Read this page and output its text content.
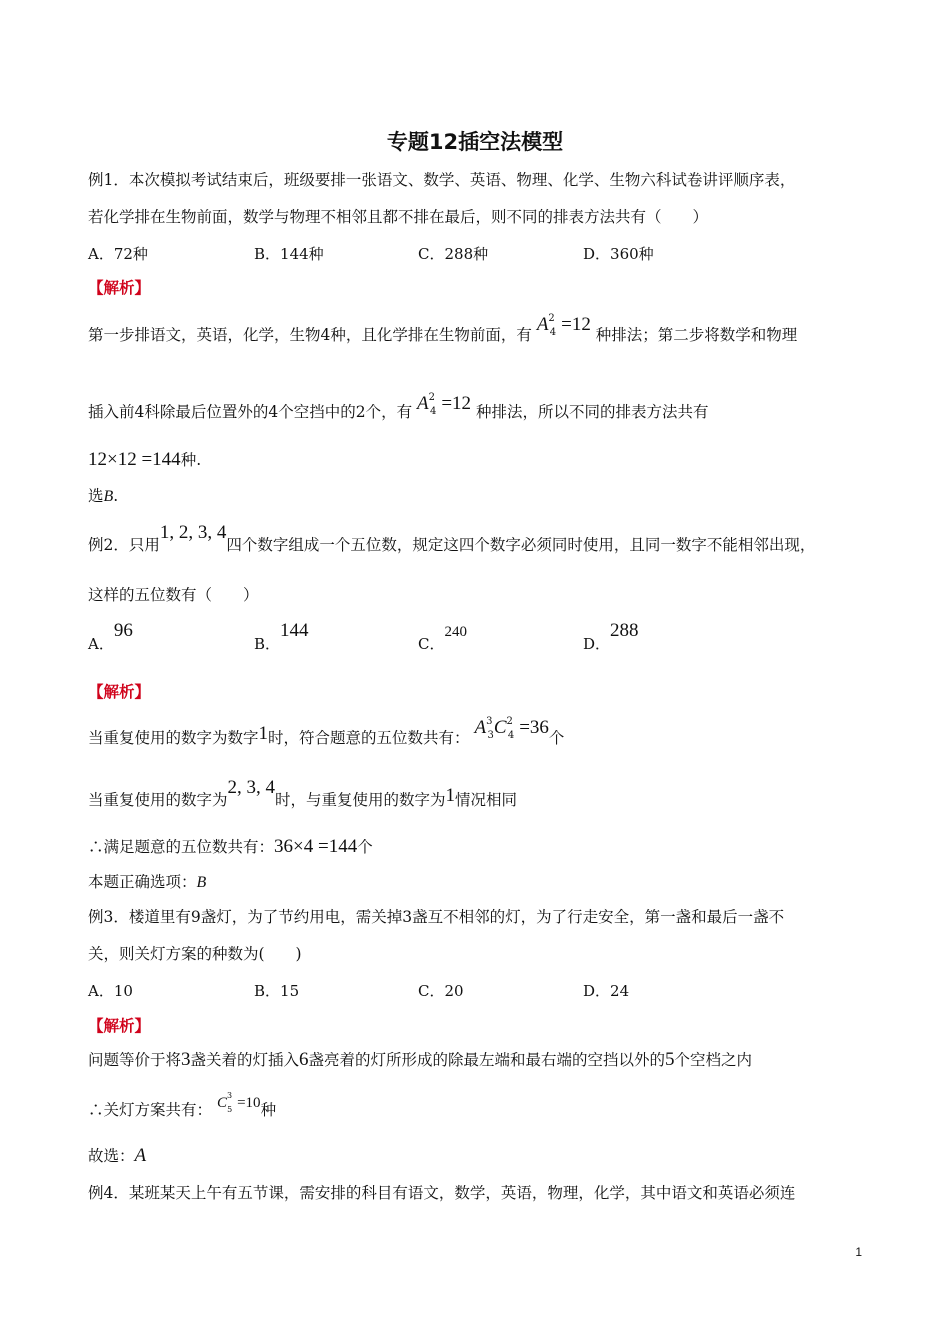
专题12插空法模型
例1．本次模拟考试结束后，班级要排一张语文、数学、英语、物理、化学、生物六科试卷讲评顺序表，
若化学排在生物前面，数学与物理不相邻且都不排在最后，则不同的排表方法共有（　　）
A．72种	B．144种	C．288种	D．360种
【解析】
第一步排语文，英语，化学，生物4种，且化学排在生物前面，有 $A^2_4 =12$ 种排法；第二步将数学和物理
插入前4科除最后位置外的4个空挡中的2个，有 $A^2_4 =12$ 种排法，所以不同的排表方法共有
12×12 =144种.
选B.
例2．只用1, 2, 3, 4四个数字组成一个五位数，规定这四个数字必须同时使用，且同一数字不能相邻出现，
这样的五位数有（　　）
A．96
B．144
C．240
D．288
【解析】
当重复使用的数字为数字1时，符合题意的五位数共有： $A^3_3C^2_4 =36$个
当重复使用的数字为2, 3, 4时，与重复使用的数字为1情况相同
∴满足题意的五位数共有：36×4 =144个
本题正确选项：B
例3．楼道里有9盏灯，为了节约用电，需关掉3盏互不相邻的灯，为了行走安全，第一盏和最后一盏不
关，则关灯方案的种数为(　　)
A．10	B．15	C．20	D．24
【解析】
问题等价于将3盏关着的灯插入6盏亮着的灯所形成的除最左端和最右端的空挡以外的5个空档之内
∴关灯方案共有： $C^3_5 =10$种
故选：A
例4．某班某天上午有五节课，需安排的科目有语文，数学，英语，物理，化学，其中语文和英语必须连
1
